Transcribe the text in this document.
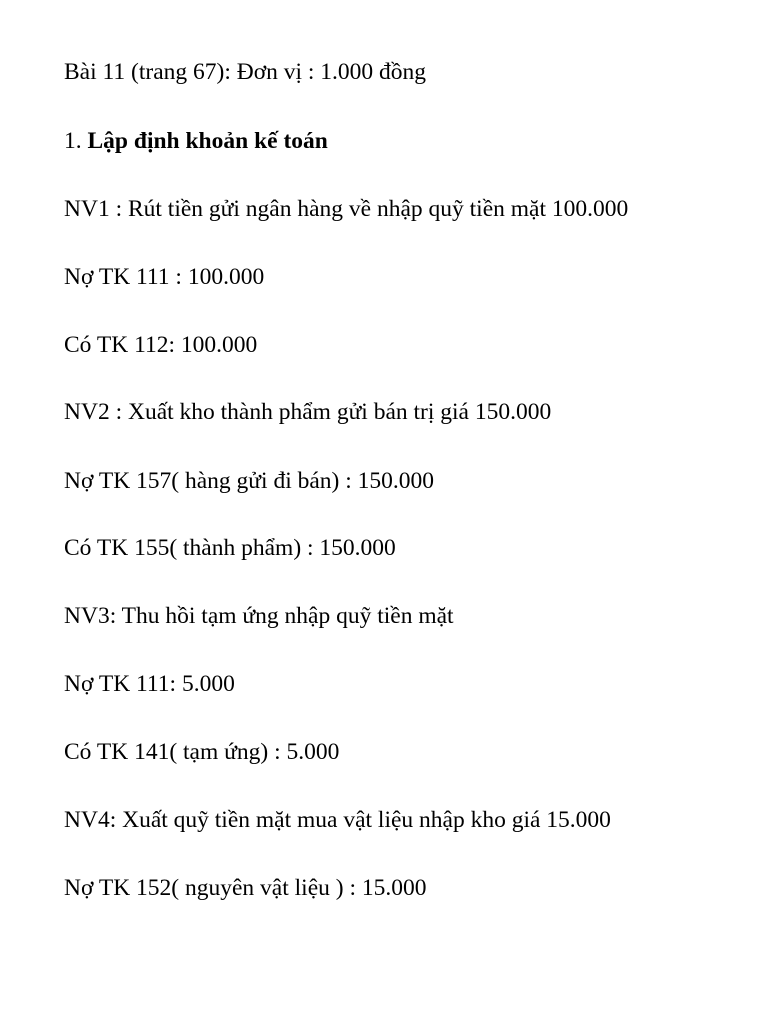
Bài 11 (trang 67): Đơn vị : 1.000 đồng
1. Lập định khoản kế toán
NV1 : Rút tiền gửi ngân hàng về nhập quỹ tiền mặt 100.000
Nợ TK 111 : 100.000
Có TK 112: 100.000
NV2 : Xuất kho thành phẩm gửi bán trị giá 150.000
Nợ TK 157( hàng gửi đi bán) : 150.000
Có TK 155( thành phẩm) : 150.000
NV3: Thu hồi tạm ứng nhập quỹ tiền mặt
Nợ TK 111: 5.000
Có TK 141( tạm ứng) : 5.000
NV4: Xuất quỹ tiền mặt mua vật liệu nhập kho giá 15.000
Nợ TK 152( nguyên vật liệu ) : 15.000
